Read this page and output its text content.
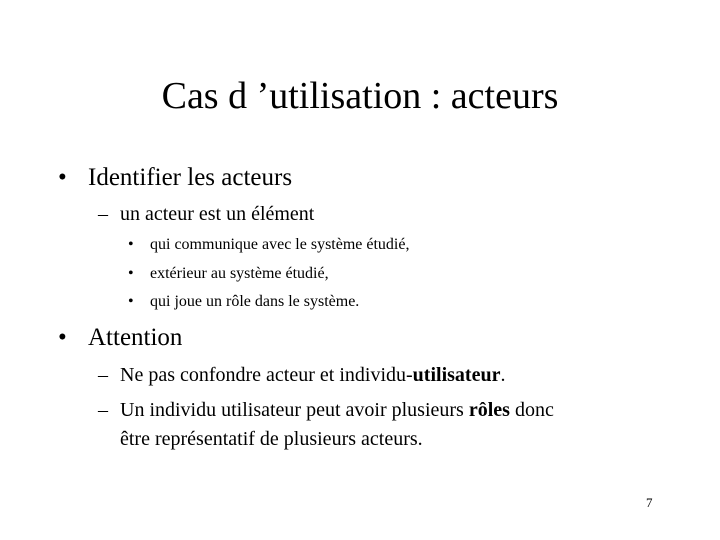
Cas d ’utilisation : acteurs
• Identifier les acteurs
– un acteur est un élément
• qui communique avec le système étudié,
• extérieur au système étudié,
• qui joue un rôle dans le système.
• Attention
– Ne pas confondre acteur et individu-utilisateur.
– Un individu utilisateur peut avoir plusieurs rôles donc
être représentatif de plusieurs acteurs.
7
